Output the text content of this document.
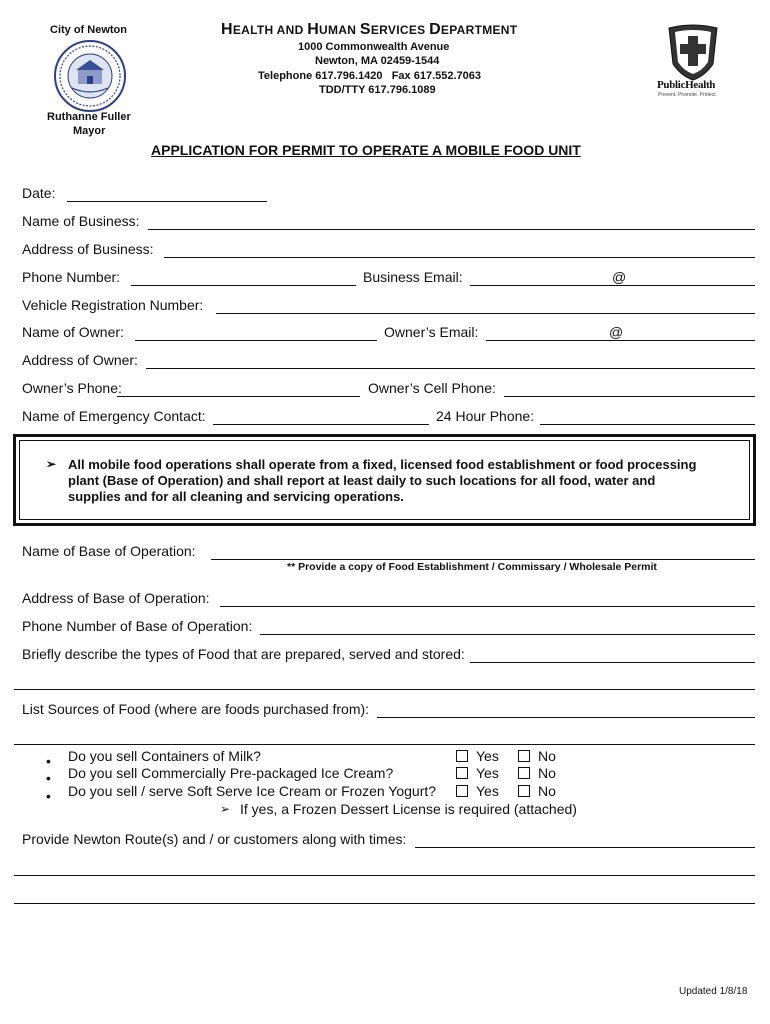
City of Newton
Ruthanne Fuller
Mayor
HEALTH AND HUMAN SERVICES DEPARTMENT
1000 Commonwealth Avenue
Newton, MA 02459-1544
Telephone 617.796.1420   Fax 617.552.7063
TDD/TTY 617.796.1089	PublicHealth
Prevent. Promote. Protect.
APPLICATION FOR PERMIT TO OPERATE A MOBILE FOOD UNIT
Date:
Name of Business:
Address of Business:
Phone Number:	Business Email:	@
Vehicle Registration Number:
Name of Owner:	Owner’s Email:	@
Address of Owner:
Owner’s Phone:	Owner’s Cell Phone:
Name of Emergency Contact:	24 Hour Phone:
➢ All mobile food operations shall operate from a fixed, licensed food establishment or food processing
plant (Base of Operation) and shall report at least daily to such locations for all food, water and
supplies and for all cleaning and servicing operations.
Name of Base of Operation:
** Provide a copy of Food Establishment / Commissary / Wholesale Permit
Address of Base of Operation:
Phone Number of Base of Operation:
Briefly describe the types of Food that are prepared, served and stored:
List Sources of Food (where are foods purchased from):
• Do you sell Containers of Milk?	Yes	No
• Do you sell Commercially Pre-packaged Ice Cream?	Yes	No
• Do you sell / serve Soft Serve Ice Cream or Frozen Yogurt?	Yes	No
➢ If yes, a Frozen Dessert License is required (attached)
Provide Newton Route(s) and / or customers along with times:
Updated 1/8/18
